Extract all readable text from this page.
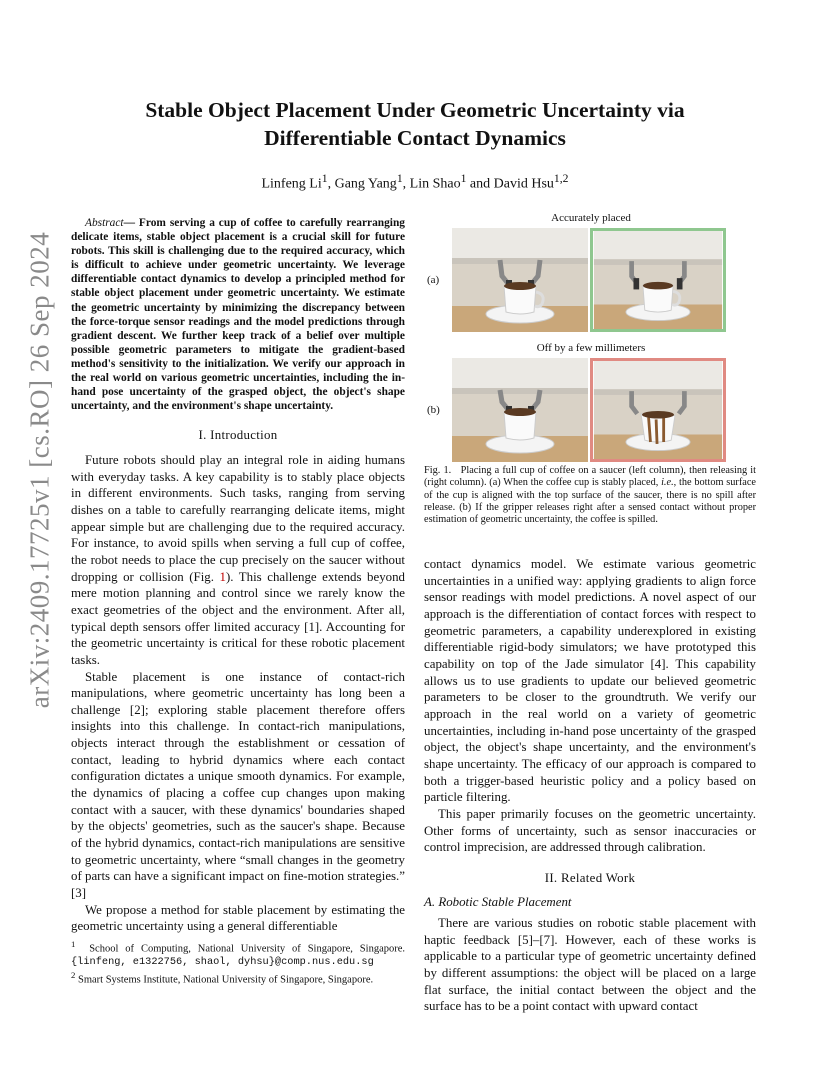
arXiv:2409.17725v1 [cs.RO] 26 Sep 2024
Stable Object Placement Under Geometric Uncertainty via Differentiable Contact Dynamics
Linfeng Li$^1$, Gang Yang$^1$, Lin Shao$^1$ and David Hsu$^{1,2}$

Abstract— From serving a cup of coffee to carefully rearranging delicate items, stable object placement is a crucial skill for future robots. This skill is challenging due to the required accuracy, which is difficult to achieve under geometric uncertainty. We leverage differentiable contact dynamics to develop a principled method for stable object placement under geometric uncertainty. We estimate the geometric uncertainty by minimizing the discrepancy between the force-torque sensor readings and the model predictions through gradient descent. We further keep track of a belief over multiple possible geometric parameters to mitigate the gradient-based method's sensitivity to the initialization. We verify our approach in the real world on various geometric uncertainties, including the in-hand pose uncertainty of the grasped object, the object's shape uncertainty, and the environment's shape uncertainty.

I. Introduction

Future robots should play an integral role in aiding humans with everyday tasks. A key capability is to stably place objects in different environments. Such tasks, ranging from serving dishes on a table to carefully rearranging delicate items, might appear simple but are challenging due to the required accuracy. For instance, to avoid spills when serving a full cup of coffee, the robot needs to place the cup precisely on the saucer without dropping or collision (Fig. 1). This challenge extends beyond mere motion planning and control since we rarely know the exact geometries of the object and the environment. After all, typical depth sensors offer limited accuracy [1]. Accounting for the geometric uncertainty is critical for these robotic placement tasks.

Stable placement is one instance of contact-rich manipulations, where geometric uncertainty has long been a challenge [2]; exploring stable placement therefore offers insights into this challenge. In contact-rich manipulations, objects interact through the establishment or cessation of contact, leading to hybrid dynamics where each contact configuration dictates a unique smooth dynamics. For example, the dynamics of placing a coffee cup changes upon making contact with a saucer, with these dynamics' boundaries shaped by the objects' geometries, such as the saucer's shape. Because of the hybrid dynamics, contact-rich manipulations are sensitive to geometric uncertainty, where “small changes in the geometry of parts can have a significant impact on fine-motion strategies.” [3]

We propose a method for stable placement by estimating the geometric uncertainty using a general differentiable

$^1$ School of Computing, National University of Singapore, Singapore. {linfeng, e1322756, shaol, dyhsu}@comp.nus.edu.sg

$^2$ Smart Systems Institute, National University of Singapore, Singapore.

Accurately placed
(a)
Off by a few millimeters
(b)
Fig. 1. Placing a full cup of coffee on a saucer (left column), then releasing it (right column). (a) When the coffee cup is stably placed, i.e., the bottom surface of the cup is aligned with the top surface of the saucer, there is no spill after release. (b) If the gripper releases right after a sensed contact without proper estimation of geometric uncertainty, the coffee is spilled.

contact dynamics model. We estimate various geometric uncertainties in a unified way: applying gradients to align force sensor readings with model predictions. A novel aspect of our approach is the differentiation of contact forces with respect to geometric parameters, a capability underexplored in existing differentiable rigid-body simulators; we have prototyped this capability on top of the Jade simulator [4]. This capability allows us to use gradients to update our believed geometric parameters to be closer to the groundtruth. We verify our approach in the real world on a variety of geometric uncertainties, including in-hand pose uncertainty of the grasped object, the object's shape uncertainty, and the environment's shape uncertainty. The efficacy of our approach is compared to both a trigger-based heuristic policy and a policy based on particle filtering.

This paper primarily focuses on the geometric uncertainty. Other forms of uncertainty, such as sensor inaccuracies or control imprecision, are addressed through calibration.

II. Related Work
A. Robotic Stable Placement

There are various studies on robotic stable placement with haptic feedback [5]–[7]. However, each of these works is applicable to a particular type of geometric uncertainty defined by different assumptions: the object will be placed on a large flat surface, the initial contact between the object and the surface has to be a point contact with upward contact
